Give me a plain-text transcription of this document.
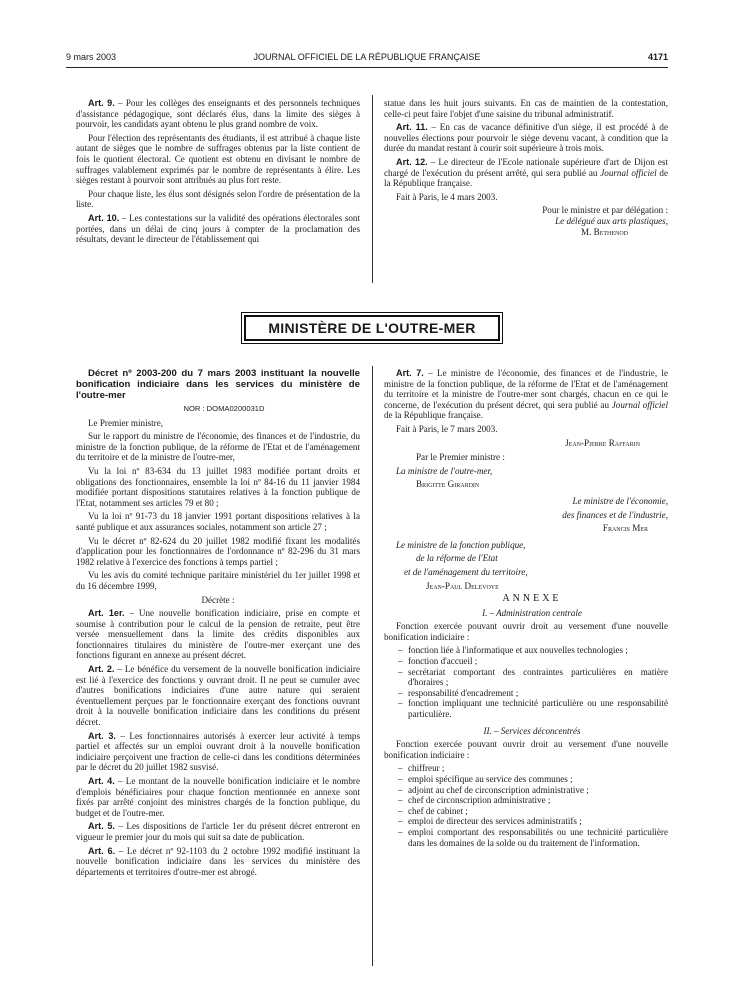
9 mars 2003	JOURNAL OFFICIEL DE LA RÉPUBLIQUE FRANÇAISE	4171

Art. 9. – Pour les collèges des enseignants et des personnels techniques d'assistance pédagogique, sont déclarés élus, dans la limite des sièges à pourvoir, les candidats ayant obtenu le plus grand nombre de voix.

Pour l'élection des représentants des étudiants, il est attribué à chaque liste autant de sièges que le nombre de suffrages obtenus par la liste contient de fois le quotient électoral. Ce quotient est obtenu en divisant le nombre de suffrages valablement exprimés par le nombre de représentants à élire. Les sièges restant à pourvoir sont attribués au plus fort reste.

Pour chaque liste, les élus sont désignés selon l'ordre de présentation de la liste.

Art. 10. – Les contestations sur la validité des opérations électorales sont portées, dans un délai de cinq jours à compter de la proclamation des résultats, devant le directeur de l'établissement qui

statue dans les huit jours suivants. En cas de maintien de la contestation, celle-ci peut faire l'objet d'une saisine du tribunal administratif.

Art. 11. – En cas de vacance définitive d'un siège, il est procédé à de nouvelles élections pour pourvoir le siège devenu vacant, à condition que la durée du mandat restant à courir soit supérieure à trois mois.

Art. 12. – Le directeur de l'Ecole nationale supérieure d'art de Dijon est chargé de l'exécution du présent arrêté, qui sera publié au Journal officiel de la République française.

Fait à Paris, le 4 mars 2003.

Pour le ministre et par délégation :

Le délégué aux arts plastiques,

M. Bethenod

MINISTÈRE DE L'OUTRE-MER

Décret nº 2003-200 du 7 mars 2003 instituant la nouvelle bonification indiciaire dans les services du ministère de l'outre-mer

NOR : DOMA0200031D

Le Premier ministre,

Sur le rapport du ministre de l'économie, des finances et de l'industrie, du ministre de la fonction publique, de la réforme de l'Etat et de l'aménagement du territoire et de la ministre de l'outre-mer,

Vu la loi nº 83-634 du 13 juillet 1983 modifiée portant droits et obligations des fonctionnaires, ensemble la loi nº 84-16 du 11 janvier 1984 modifiée portant dispositions statutaires relatives à la fonction publique de l'Etat, notamment ses articles 79 et 80 ;

Vu la loi nº 91-73 du 18 janvier 1991 portant dispositions relatives à la santé publique et aux assurances sociales, notamment son article 27 ;

Vu le décret nº 82-624 du 20 juillet 1982 modifié fixant les modalités d'application pour les fonctionnaires de l'ordonnance nº 82-296 du 31 mars 1982 relative à l'exercice des fonctions à temps partiel ;

Vu les avis du comité technique paritaire ministériel du 1er juillet 1998 et du 16 décembre 1999,

Décrète :

Art. 1er. – Une nouvelle bonification indiciaire, prise en compte et soumise à contribution pour le calcul de la pension de retraite, peut être versée mensuellement dans la limite des crédits disponibles aux fonctionnaires titulaires du ministère de l'outre-mer exerçant une des fonctions figurant en annexe au présent décret.

Art. 2. – Le bénéfice du versement de la nouvelle bonification indiciaire est lié à l'exercice des fonctions y ouvrant droit. Il ne peut se cumuler avec d'autres bonifications indiciaires d'une autre nature qui seraient éventuellement perçues par le fonctionnaire exerçant des fonctions ouvrant droit à la nouvelle bonification indiciaire dans les conditions du présent décret.

Art. 3. – Les fonctionnaires autorisés à exercer leur activité à temps partiel et affectés sur un emploi ouvrant droit à la nouvelle bonification indiciaire perçoivent une fraction de celle-ci dans les conditions déterminées par le décret du 20 juillet 1982 susvisé.

Art. 4. – Le montant de la nouvelle bonification indiciaire et le nombre d'emplois bénéficiaires pour chaque fonction mentionnée en annexe sont fixés par arrêté conjoint des ministres chargés de la fonction publique, du budget et de l'outre-mer.

Art. 5. – Les dispositions de l'article 1er du présent décret entreront en vigueur le premier jour du mois qui suit sa date de publication.

Art. 6. – Le décret nº 92-1103 du 2 octobre 1992 modifié instituant la nouvelle bonification indiciaire dans les services du ministère des départements et territoires d'outre-mer est abrogé.

Art. 7. – Le ministre de l'économie, des finances et de l'industrie, le ministre de la fonction publique, de la réforme de l'Etat et de l'aménagement du territoire et la ministre de l'outre-mer sont chargés, chacun en ce qui le concerne, de l'exécution du présent décret, qui sera publié au Journal officiel de la République française.

Fait à Paris, le 7 mars 2003.

Jean-Pierre Raffarin

Par le Premier ministre :

La ministre de l'outre-mer,

Brigitte Girardin

Le ministre de l'économie,

des finances et de l'industrie,

Francis Mer

Le ministre de la fonction publique,

de la réforme de l'Etat

et de l'aménagement du territoire,

Jean-Paul Delevoye

ANNEXE

I. – Administration centrale

Fonction exercée pouvant ouvrir droit au versement d'une nouvelle bonification indiciaire :

– fonction liée à l'informatique et aux nouvelles technologies ;
– fonction d'accueil ;
– secrétariat comportant des contraintes particulières en matière d'horaires ;
– responsabilité d'encadrement ;
– fonction impliquant une technicité particulière ou une responsabilité particulière.

II. – Services déconcentrés

Fonction exercée pouvant ouvrir droit au versement d'une nouvelle bonification indiciaire :

– chiffreur ;
– emploi spécifique au service des communes ;
– adjoint au chef de circonscription administrative ;
– chef de circonscription administrative ;
– chef de cabinet ;
– emploi de directeur des services administratifs ;
– emploi comportant des responsabilités ou une technicité particulière dans les domaines de la solde ou du traitement de l'information.
